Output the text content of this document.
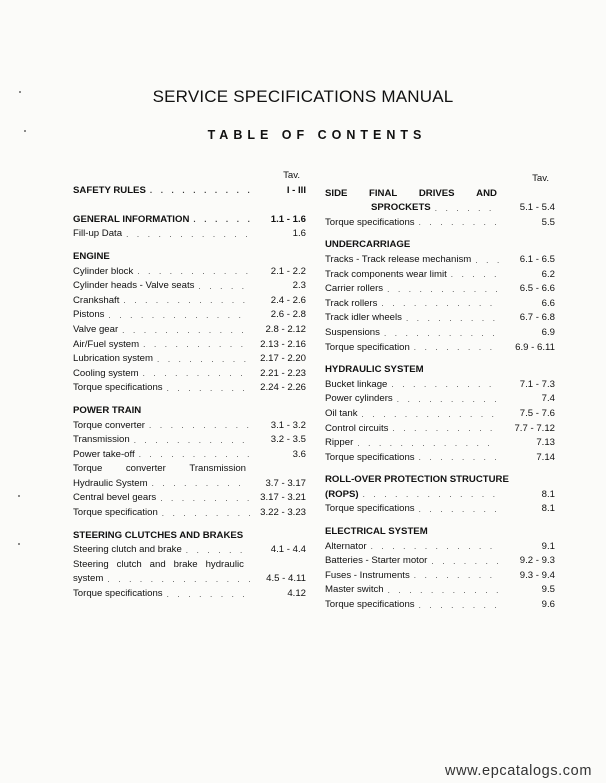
SERVICE SPECIFICATIONS MANUAL
TABLE OF CONTENTS
Tav.
SAFETY RULES . . .	I - III
GENERAL INFORMATION . . .	1.1 - 1.6
Fill-up Data . . .	1.6
ENGINE
Cylinder block . . .	2.1 - 2.2
Cylinder heads - Valve seats . . .	2.3
Crankshaft . . .	2.4 - 2.6
Pistons . . .	2.6 - 2.8
Valve gear . . .	2.8 - 2.12
Air/Fuel system . . .	2.13 - 2.16
Lubrication system . . .	2.17 - 2.20
Cooling system . . .	2.21 - 2.23
Torque specifications . . .	2.24 - 2.26
POWER TRAIN
Torque converter . . .	3.1 - 3.2
Transmission . . .	3.2 - 3.5
Power take-off . . .	3.6
Torque converter Transmission
Hydraulic System . . .	3.7 - 3.17
Central bevel gears . . .	3.17 - 3.21
Torque specification . . .	3.22 - 3.23
STEERING CLUTCHES AND BRAKES
Steering clutch and brake . . .	4.1 - 4.4
Steering clutch and brake hydraulic
system . . .	4.5 - 4.11
Torque specifications . . .	4.12
Tav.
SIDE FINAL DRIVES AND
SPROCKETS . . .	5.1 - 5.4
Torque specifications . . .	5.5
UNDERCARRIAGE
Tracks - Track release mechanism . . .	6.1 - 6.5
Track components wear limit . . .	6.2
Carrier rollers . . .	6.5 - 6.6
Track rollers . . .	6.6
Track idler wheels . . .	6.7 - 6.8
Suspensions . . .	6.9
Torque specification . . .	6.9 - 6.11
HYDRAULIC SYSTEM
Bucket linkage . . .	7.1 - 7.3
Power cylinders . . .	7.4
Oil tank . . .	7.5 - 7.6
Control circuits . . .	7.7 - 7.12
Ripper . . .	7.13
Torque specifications . . .	7.14
ROLL-OVER PROTECTION STRUCTURE
(ROPS) . . .	8.1
Torque specifications . . .	8.1
ELECTRICAL SYSTEM
Alternator . . .	9.1
Batteries - Starter motor . . .	9.2 - 9.3
Fuses - Instruments . . .	9.3 - 9.4
Master switch . . .	9.5
Torque specifications . . .	9.6
www.epcatalogs.com
